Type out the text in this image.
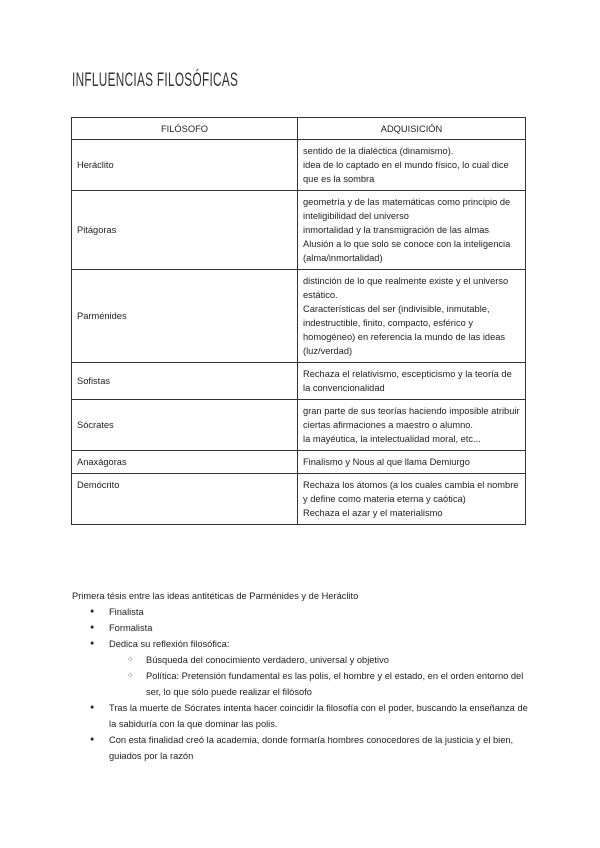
INFLUENCIAS FILOSÓFICAS
FILÓSOFO	ADQUISICIÓN
Heráclito	sentido de la dialéctica (dinamismo).

idea de lo captado en el mundo físico, lo cual dice que es la sombra

Pitágoras	geometría y de las matemáticas como principio de inteligibilidad del universo

inmortalidad y la transmigración de las almas

Alusión a lo que solo se conoce con la inteligencia (alma/inmortalidad)

Parménides	distinción de lo que realmente existe y el universo estático.

Características del ser (indivisible, inmutable, indestructible, finito, compacto, esférico y homogéneo) en referencia la mundo de las ideas (luz/verdad)

Sofistas	Rechaza el relativismo, escepticismo y la teoría de la convencionalidad

Sócrates	gran parte de sus teorías haciendo imposible atribuir ciertas afirmaciones a maestro o alumno.

la mayéutica, la intelectualidad moral, etc...

Anaxágoras	Finalismo y Nous al que llama Demiurgo

Demócrito	Rechaza los átomos (a los cuales cambia el nombre y define como materia eterna y caótica)

Rechaza el azar y el materialismo

Primera tésis entre las ideas antitéticas de Parménides y de Heráclito

● Finalista
● Formalista
● Dedica su reflexión filosófica:
○ Búsqueda del conocimiento verdadero, universal y objetivo
○ Política: Pretensión fundamental es las polis, el hombre y el estado, en el orden entorno del ser, lo que sólo puede realizar el filósofo
● Tras la muerte de Sócrates intenta hacer coincidir la filosofía con el poder, buscando la enseñanza de la sabiduría con la que dominar las polis.
● Con esta finalidad creó la academia, donde formaría hombres conocedores de la justicia y el bien, guiados por la razón
